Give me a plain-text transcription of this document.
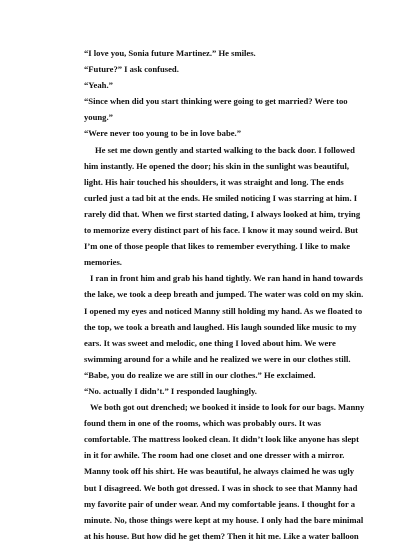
“I love you, Sonia future Martinez.” He smiles.

“Future?” I ask confused.

“Yeah.”

“Since when did you start thinking were going to get married? Were too

young.”

“Were never too young to be in love babe.”

He set me down gently and started walking to the back door. I followed

him instantly. He opened the door; his skin in the sunlight was beautiful,

light. His hair touched his shoulders, it was straight and long. The ends

curled just a tad bit at the ends. He smiled noticing I was starring at him. I

rarely did that. When we first started dating, I always looked at him, trying

to memorize every distinct part of his face. I know it may sound weird. But

I’m one of those people that likes to remember everything. I like to make

memories.

I ran in front him and grab his hand tightly. We ran hand in hand towards

the lake, we took a deep breath and jumped. The water was cold on my skin.

I opened my eyes and noticed Manny still holding my hand. As we floated to

the top, we took a breath and laughed. His laugh sounded like music to my

ears. It was sweet and melodic, one thing I loved about him. We were

swimming around for a while and he realized we were in our clothes still.

“Babe, you do realize we are still in our clothes.” He exclaimed.

“No. actually I didn’t.” I responded laughingly.

We both got out drenched; we booked it inside to look for our bags. Manny

found them in one of the rooms, which was probably ours. It was

comfortable. The mattress looked clean. It didn’t look like anyone has slept

in it for awhile. The room had one closet and one dresser with a mirror.

Manny took off his shirt. He was beautiful, he always claimed he was ugly

but I disagreed. We both got dressed. I was in shock to see that Manny had

my favorite pair of under wear. And my comfortable jeans. I thought for a

minute. No, those things were kept at my house. I only had the bare minimal

at his house. But how did he get them? Then it hit me. Like a water balloon
